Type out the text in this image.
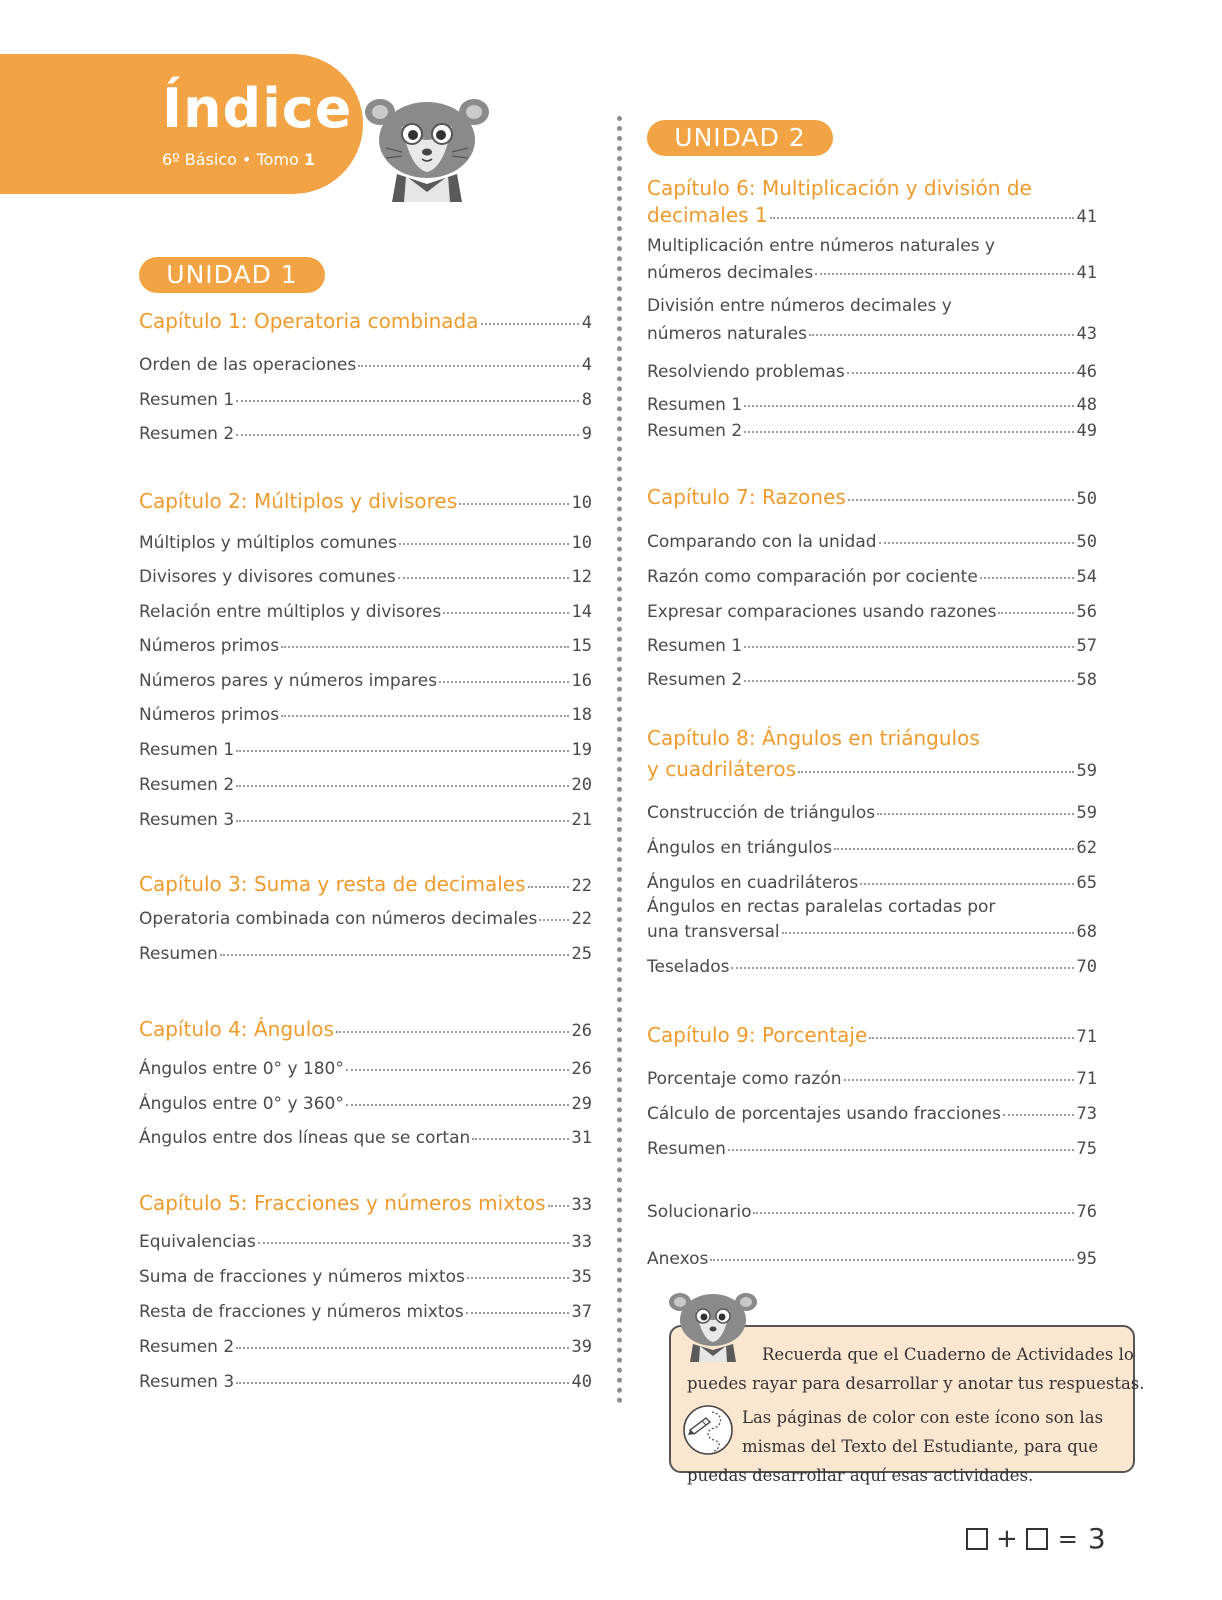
Índice
6º Básico • Tomo 1
UNIDAD 1
Capítulo 1: Operatoria combinada	4
Orden de las operaciones	4
Resumen 1	8
Resumen 2	9
Capítulo 2: Múltiplos y divisores	10
Múltiplos y múltiplos comunes	10
Divisores y divisores comunes	12
Relación entre múltiplos y divisores	14
Números primos	15
Números pares y números impares	16
Números primos	18
Resumen 1	19
Resumen 2	20
Resumen 3	21
Capítulo 3: Suma y resta de decimales	22
Operatoria combinada con números decimales 22
Resumen	25
Capítulo 4: Ángulos	26
Ángulos entre 0° y 180°	26
Ángulos entre 0° y 360°	29
Ángulos entre dos líneas que se cortan	31
Capítulo 5: Fracciones y números mixtos 33
Equivalencias	33
Suma de fracciones y números mixtos	35
Resta de fracciones y números mixtos	37
Resumen 2	39
Resumen 3	40
UNIDAD 2
Capítulo 6: Multiplicación y división de
decimales 1	41
Multiplicación entre números naturales y
números decimales	41
División entre números decimales y
números naturales	43
Resolviendo problemas	46
Resumen 1	48
Resumen 2	49
Capítulo 7: Razones	50
Comparando con la unidad	50
Razón como comparación por cociente	54
Expresar comparaciones usando razones	56
Resumen 1	57
Resumen 2	58
Capítulo 8: Ángulos en triángulos
y cuadriláteros	59
Construcción de triángulos	59
Ángulos en triángulos	62
Ángulos en cuadriláteros	65
Ángulos en rectas paralelas cortadas por
una transversal	68
Teselados	70
Capítulo 9: Porcentaje	71
Porcentaje como razón	71
Cálculo de porcentajes usando fracciones	73
Resumen	75
Solucionario	76
Anexos	95
Recuerda que el Cuaderno de Actividades lo
puedes rayar para desarrollar y anotar tus respuestas.
Las páginas de color con este ícono son las
mismas del Texto del Estudiante, para que
puedas desarrollar aquí esas actividades.
+ = 3
